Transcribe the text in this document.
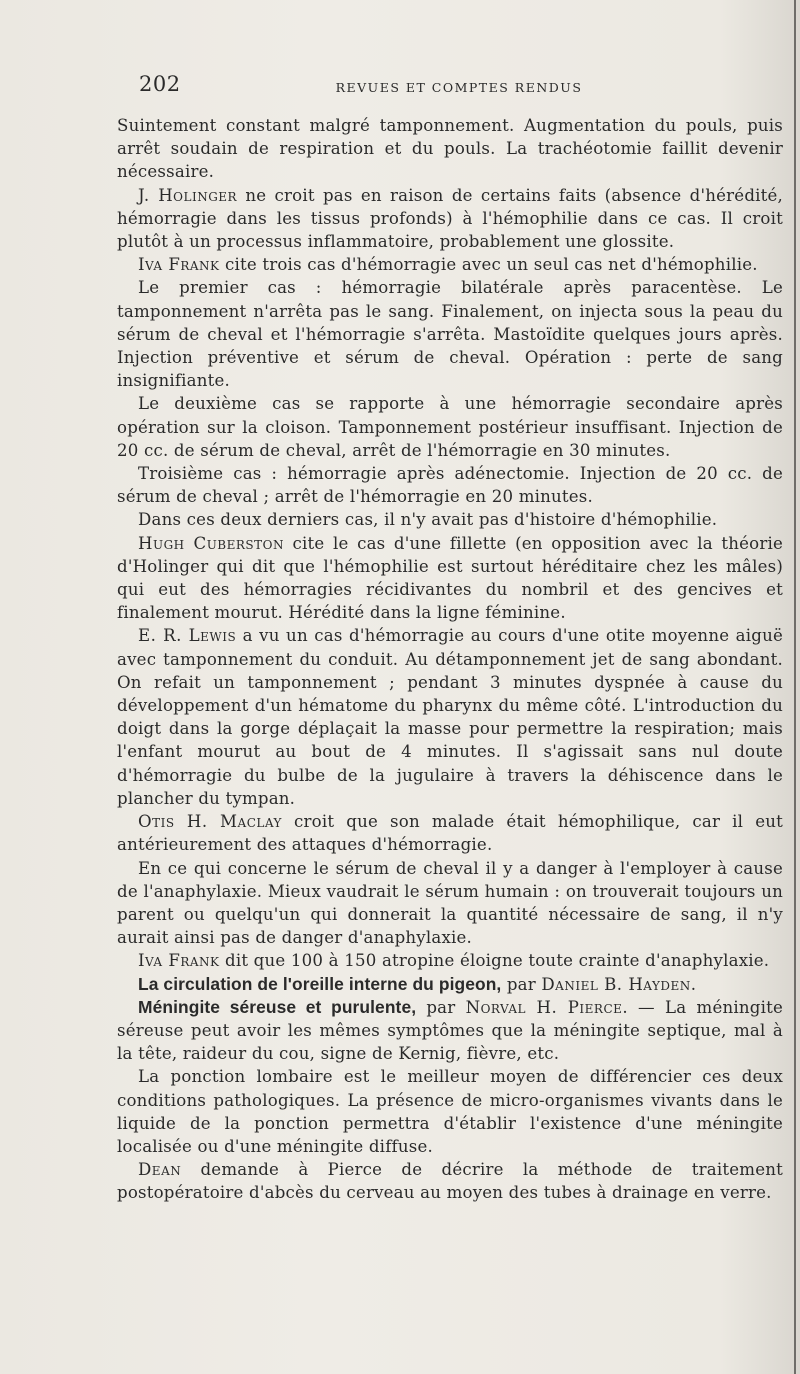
202	REVUES ET COMPTES RENDUS

Suintement constant malgré tamponnement. Augmentation du pouls, puis arrêt soudain de respiration et du pouls. La trachéotomie faillit devenir nécessaire.

J. Holinger ne croit pas en raison de certains faits (absence d'hérédité, hémorragie dans les tissus profonds) à l'hémophilie dans ce cas. Il croit plutôt à un processus inflammatoire, probablement une glossite.

Iva Frank cite trois cas d'hémorragie avec un seul cas net d'hémophilie.

Le premier cas : hémorragie bilatérale après paracentèse. Le tamponnement n'arrêta pas le sang. Finalement, on injecta sous la peau du sérum de cheval et l'hémorragie s'arrêta. Mastoïdite quelques jours après. Injection préventive et sérum de cheval. Opération : perte de sang insignifiante.

Le deuxième cas se rapporte à une hémorragie secondaire après opération sur la cloison. Tamponnement postérieur insuffisant. Injection de 20 cc. de sérum de cheval, arrêt de l'hémorragie en 30 minutes.

Troisième cas : hémorragie après adénectomie. Injection de 20 cc. de sérum de cheval ; arrêt de l'hémorragie en 20 minutes.

Dans ces deux derniers cas, il n'y avait pas d'histoire d'hémophilie.

Hugh Cuberston cite le cas d'une fillette (en opposition avec la théorie d'Holinger qui dit que l'hémophilie est surtout héréditaire chez les mâles) qui eut des hémorragies récidivantes du nombril et des gencives et finalement mourut. Hérédité dans la ligne féminine.

E. R. Lewis a vu un cas d'hémorragie au cours d'une otite moyenne aiguë avec tamponnement du conduit. Au détamponnement jet de sang abondant. On refait un tamponnement ; pendant 3 minutes dyspnée à cause du développement d'un hématome du pharynx du même côté. L'introduction du doigt dans la gorge déplaçait la masse pour permettre la respiration; mais l'enfant mourut au bout de 4 minutes. Il s'agissait sans nul doute d'hémorragie du bulbe de la jugulaire à travers la déhiscence dans le plancher du tympan.

Otis H. Maclay croit que son malade était hémophilique, car il eut antérieurement des attaques d'hémorragie.

En ce qui concerne le sérum de cheval il y a danger à l'employer à cause de l'anaphylaxie. Mieux vaudrait le sérum humain : on trouverait toujours un parent ou quelqu'un qui donnerait la quantité nécessaire de sang, il n'y aurait ainsi pas de danger d'anaphylaxie.

Iva Frank dit que 100 à 150 atropine éloigne toute crainte d'anaphylaxie.

La circulation de l'oreille interne du pigeon, par Daniel B. Hayden.

Méningite séreuse et purulente, par Norval H. Pierce. — La méningite séreuse peut avoir les mêmes symptômes que la méningite septique, mal à la tête, raideur du cou, signe de Kernig, fièvre, etc.

La ponction lombaire est le meilleur moyen de différencier ces deux conditions pathologiques. La présence de micro-organismes vivants dans le liquide de la ponction permettra d'établir l'existence d'une méningite localisée ou d'une méningite diffuse.

Dean demande à Pierce de décrire la méthode de traitement postopératoire d'abcès du cerveau au moyen des tubes à drainage en verre.
